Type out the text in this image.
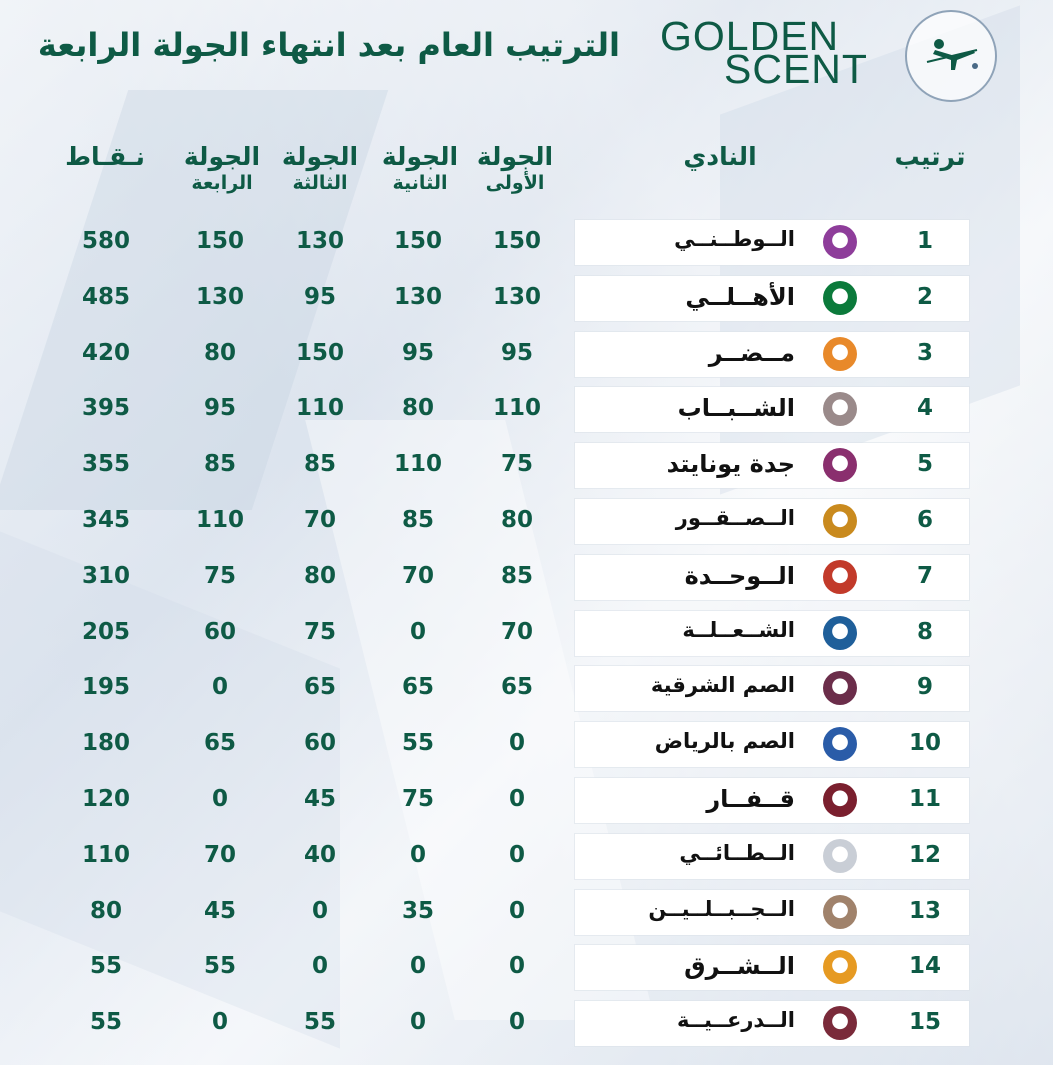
الترتيب العام بعد انتهاء الجولة الرابعة GOLDEN
SCENT
ترتيب
النادي
الجولة
الأولى
الجولة
الثانية
الجولة
الثالثة
الجولة
الرابعة
نـقـاط
1
الــوطــنــي
150
150
130
150
580
2
الأهــلــي
130
130
95
130
485
3
مــضــر
95
95
150
80
420
4
الشــبــاب
110
80
110
95
395
5
جدة يونايتد
75
110
85
85
355
6
الــصــقــور
80
85
70
110
345
7
الــوحــدة
85
70
80
75
310
8
الشــعــلــة
70
0
75
60
205
9
الصم الشرقية
65
65
65
0
195
10
الصم بالرياض
0
55
60
65
180
11
قــفــار
0
75
45
0
120
12
الــطــائــي
0
0
40
70
110
13
الــجــبــلــيــن
0
35
0
45
80
14
الــشــرق
0
0
0
55
55
15
الــدرعــيــة
0
0
55
0
55
